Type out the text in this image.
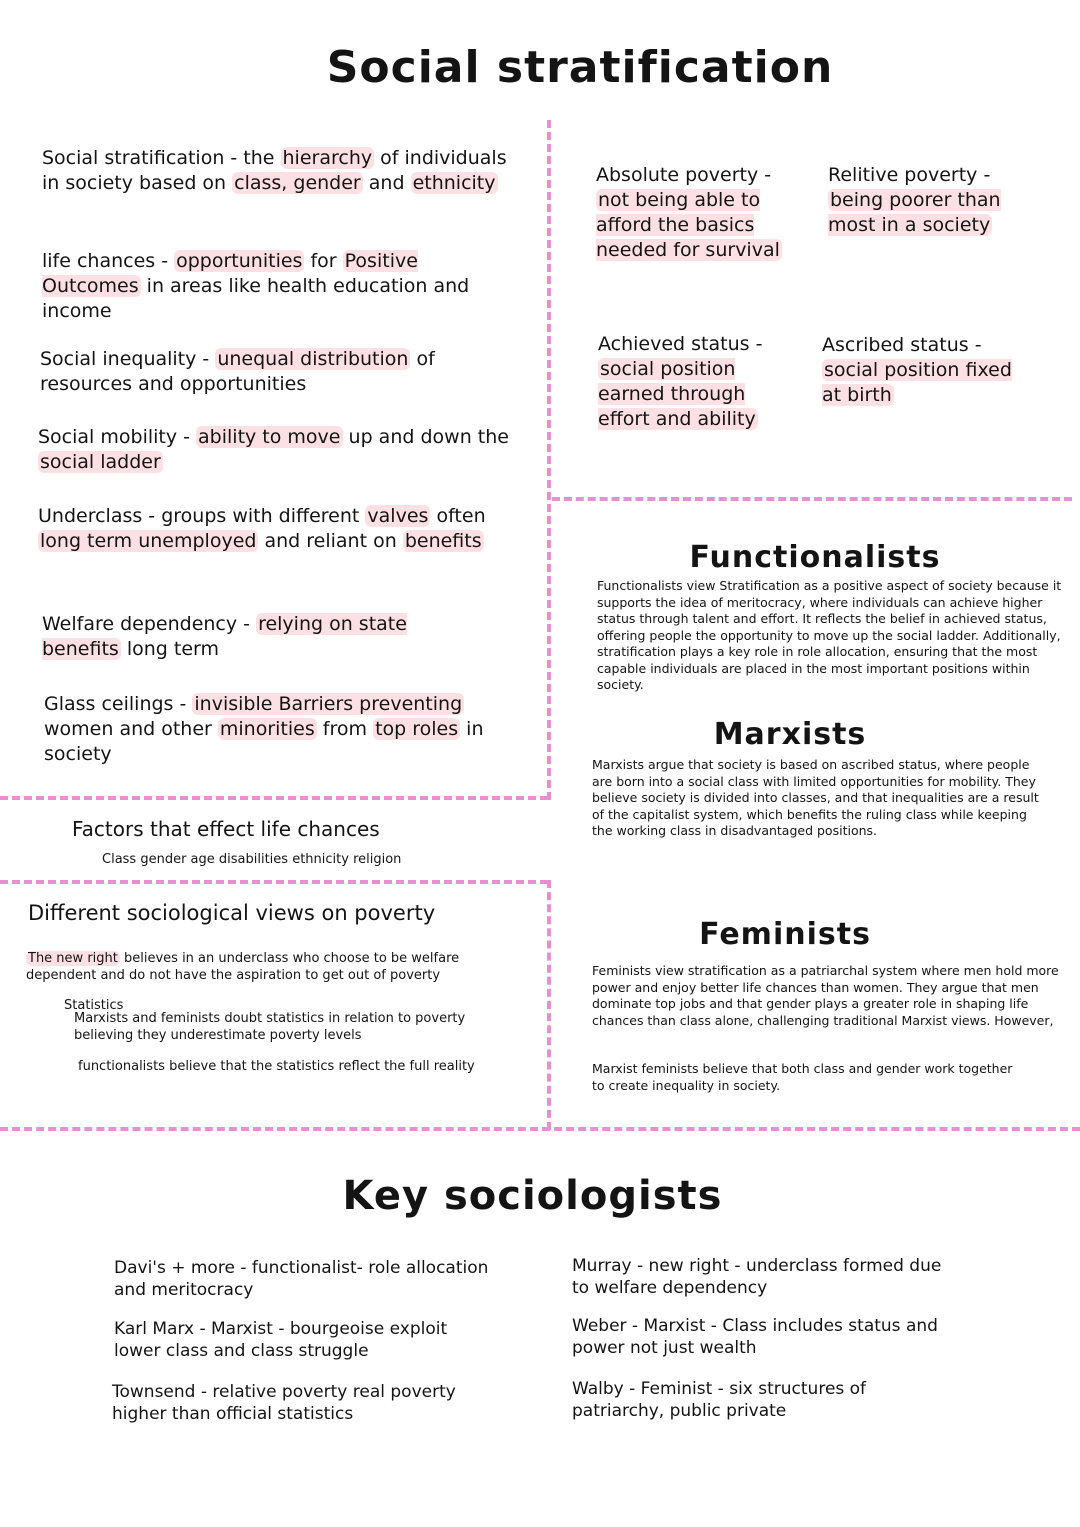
Social stratification
Social stratification - the hierarchy of individuals in society based on class, gender and ethnicity
life chances - opportunities for Positive Outcomes in areas like health education and income
Social inequality - unequal distribution of resources and opportunities
Social mobility - ability to move up and down the social ladder
Underclass - groups with different valves often long term unemployed and reliant on benefits
Welfare dependency - relying on state benefits long term
Glass ceilings - invisible Barriers preventing women and other minorities from top roles in society
Absolute poverty -
not being able to afford the basics needed for survival
Relitive poverty -
being poorer than most in a society
Achieved status -
social position earned through effort and ability
Ascribed status -
social position fixed at birth
Functionalists
Functionalists view Stratification as a positive aspect of society because it supports the idea of meritocracy, where individuals can achieve higher status through talent and effort. It reflects the belief in achieved status, offering people the opportunity to move up the social ladder. Additionally, stratification plays a key role in role allocation, ensuring that the most capable individuals are placed in the most important positions within society.
Marxists
Marxists argue that society is based on ascribed status, where people are born into a social class with limited opportunities for mobility. They believe society is divided into classes, and that inequalities are a result of the capitalist system, which benefits the ruling class while keeping the working class in disadvantaged positions.
Feminists
Feminists view stratification as a patriarchal system where men hold more power and enjoy better life chances than women. They argue that men dominate top jobs and that gender plays a greater role in shaping life chances than class alone, challenging traditional Marxist views. However,
Marxist feminists believe that both class and gender work together to create inequality in society.
Factors that effect life chances
Class gender age disabilities ethnicity religion
Different sociological views on poverty
The new right believes in an underclass who choose to be welfare dependent and do not have the aspiration to get out of poverty
Statistics
Marxists and feminists doubt statistics in relation to poverty believing they underestimate poverty levels
functionalists believe that the statistics reflect the full reality
Key sociologists
Davi's + more - functionalist- role allocation and meritocracy
Karl Marx - Marxist - bourgeoise exploit lower class and class struggle
Townsend - relative poverty real poverty higher than official statistics
Murray - new right - underclass formed due to welfare dependency
Weber - Marxist - Class includes status and power not just wealth
Walby - Feminist - six structures of patriarchy, public private
